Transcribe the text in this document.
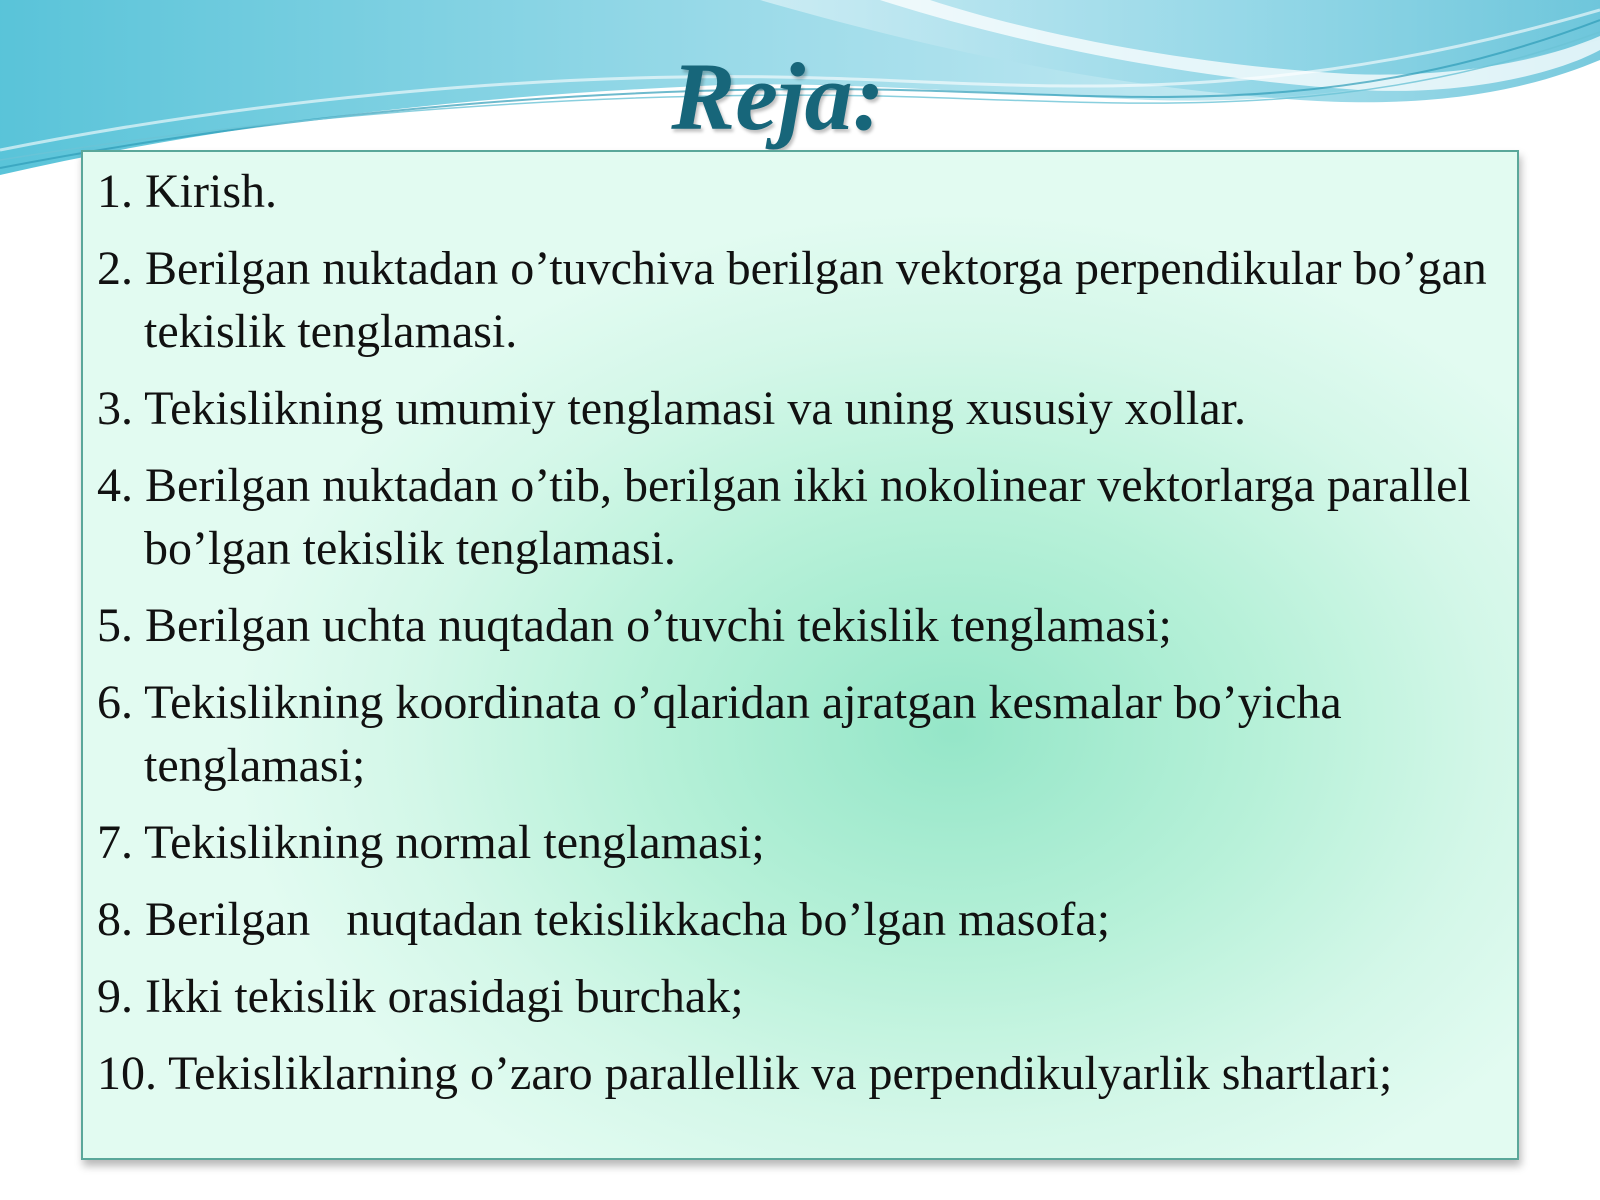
Reja:
1. Kirish.
2. Berilgan nuktadan o’tuvchiva berilgan vektorga perpendikular bo’gan tekislik tenglamasi.
3. Tekislikning umumiy tenglamasi va uning xususiy xollar.
4. Berilgan nuktadan o’tib, berilgan ikki nokolinear vektorlarga parallel bo’lgan tekislik tenglamasi.
5. Berilgan uchta nuqtadan o’tuvchi tekislik tenglamasi;
6. Tekislikning koordinata o’qlaridan ajratgan kesmalar bo’yicha tenglamasi;
7. Tekislikning normal tenglamasi;
8. Berilgan   nuqtadan tekislikkacha bo’lgan masofa;
9. Ikki tekislik orasidagi burchak;
10. Tekisliklarning o’zaro parallellik va perpendikulyarlik shartlari;
